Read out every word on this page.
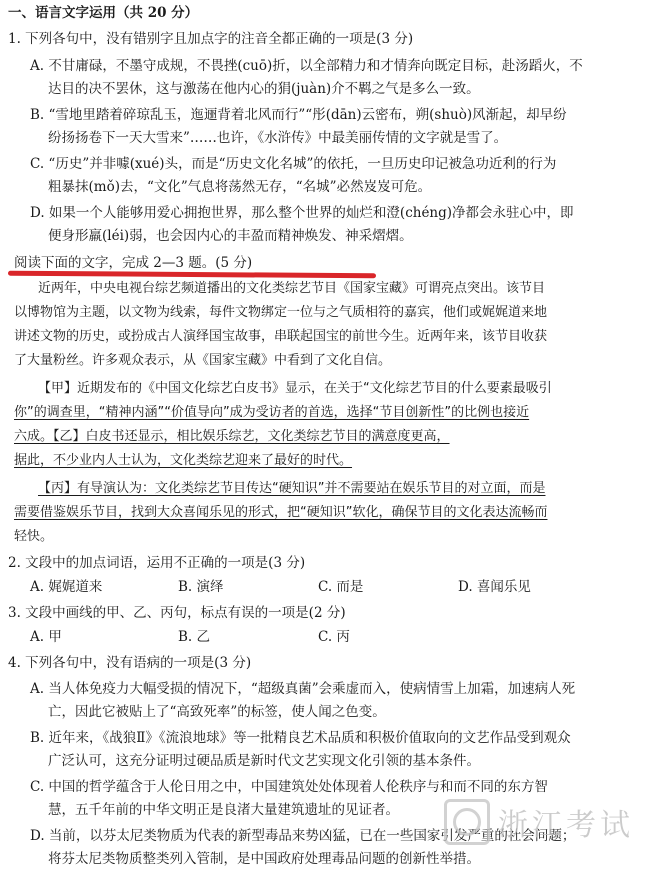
一、语言文字运用（共 20 分）
1. 下列各句中，没有错别字且加点字的注音全都正确的一项是(3 分)
A. 不甘庸碌，不墨守成规，不畏挫(cuō)折，以全部精力和才情奔向既定目标，赴汤蹈火，不
达目的决不罢休，这与激荡在他内心的狷(juàn)介不羁之气是多么一致。
B. “雪地里踏着碎琼乱玉，迤逦背着北风而行”“彤(dān)云密布，朔(shuò)风渐起，却早纷
纷扬扬卷下一天大雪来”……也许，《水浒传》中最美丽传情的文字就是雪了。
C. “历史”并非噱(xué)头，而是“历史文化名城”的依托，一旦历史印记被急功近利的行为
粗暴抹(mǒ)去，“文化”气息将荡然无存，“名城”必然岌岌可危。
D. 如果一个人能够用爱心拥抱世界，那么整个世界的灿烂和澄(chéng)净都会永驻心中，即
便身形羸(léi)弱，也会因内心的丰盈而精神焕发、神采熠熠。
阅读下面的文字，完成 2—3 题。(5 分)
近两年，中央电视台综艺频道播出的文化类综艺节目《国家宝藏》可谓亮点突出。该节目
以博物馆为主题，以文物为线索，每件文物绑定一位与之气质相符的嘉宾，他们或娓娓道来地
讲述文物的历史，或扮成古人演绎国宝故事，串联起国宝的前世今生。近两年来，该节目收获
了大量粉丝。许多观众表示，从《国家宝藏》中看到了文化自信。
【甲】近期发布的《中国文化综艺白皮书》显示，在关于“文化综艺节目的什么要素最吸引
你”的调查里，“精神内涵”“价值导向”成为受访者的首选，选择“节目创新性”的比例也接近
六成。【乙】白皮书还显示，相比娱乐综艺，文化类综艺节目的满意度更高，
据此，不少业内人士认为，文化类综艺迎来了最好的时代。
【丙】有导演认为：文化类综艺节目传达“硬知识”并不需要站在娱乐节目的对立面，而是
需要借鉴娱乐节目，找到大众喜闻乐见的形式，把“硬知识”软化，确保节目的文化表达流畅而
轻快。
2. 文段中的加点词语，运用不正确的一项是(3 分)
A. 娓娓道来	B. 演绎	C. 而是	D. 喜闻乐见
3. 文段中画线的甲、乙、丙句，标点有误的一项是(2 分)
A. 甲	B. 乙	C. 丙
4. 下列各句中，没有语病的一项是(3 分)
A. 当人体免疫力大幅受损的情况下，“超级真菌”会乘虚而入，使病情雪上加霜，加速病人死
亡，因此它被贴上了“高致死率”的标签，使人闻之色变。
B. 近年来，《战狼Ⅱ》《流浪地球》等一批精良艺术品质和积极价值取向的文艺作品受到观众
广泛认可，这充分证明过硬品质是新时代文艺实现文化引领的基本条件。
C. 中国的哲学蕴含于人伦日用之中，中国建筑处处体现着人伦秩序与和而不同的东方智
慧，五千年前的中华文明正是良渚大量建筑遗址的见证者。
D. 当前，以芬太尼类物质为代表的新型毒品来势凶猛，已在一些国家引发严重的社会问题；
将芬太尼类物质整类列入管制，是中国政府处理毒品问题的创新性举措。
浙江考试
